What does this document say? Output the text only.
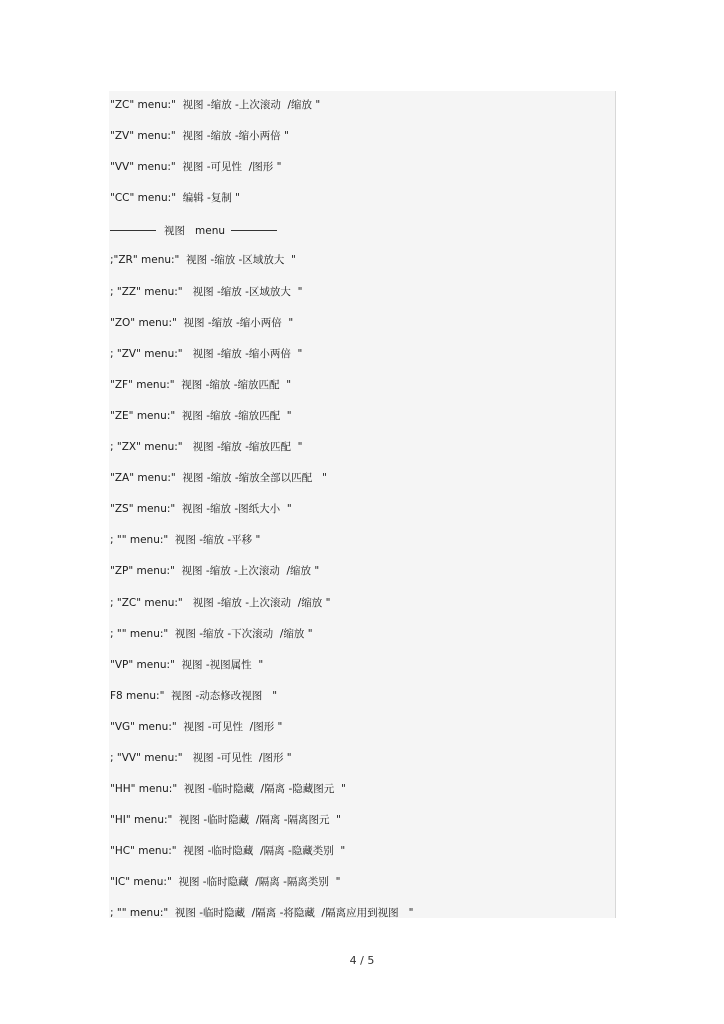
"ZC" menu:"  视图 -缩放 -上次滚动  /缩放 "
"ZV" menu:"  视图 -缩放 -缩小两倍 "
"VV" menu:"  视图 -可见性  /图形 "
"CC" menu:"  编辑 -复制 "
视图   menu
;"ZR" menu:"  视图 -缩放 -区域放大  "
; "ZZ" menu:"   视图 -缩放 -区域放大  "
"ZO" menu:"  视图 -缩放 -缩小两倍  "
; "ZV" menu:"   视图 -缩放 -缩小两倍  "
"ZF" menu:"  视图 -缩放 -缩放匹配  "
"ZE" menu:"  视图 -缩放 -缩放匹配  "
; "ZX" menu:"   视图 -缩放 -缩放匹配  "
"ZA" menu:"  视图 -缩放 -缩放全部以匹配   "
"ZS" menu:"  视图 -缩放 -图纸大小  "
; "" menu:"  视图 -缩放 -平移 "
"ZP" menu:"  视图 -缩放 -上次滚动  /缩放 "
; "ZC" menu:"   视图 -缩放 -上次滚动  /缩放 "
; "" menu:"  视图 -缩放 -下次滚动  /缩放 "
"VP" menu:"  视图 -视图属性  "
F8 menu:"  视图 -动态修改视图   "
"VG" menu:"  视图 -可见性  /图形 "
; "VV" menu:"   视图 -可见性  /图形 "
"HH" menu:"  视图 -临时隐藏  /隔离 -隐藏图元  "
"HI" menu:"  视图 -临时隐藏  /隔离 -隔离图元  "
"HC" menu:"  视图 -临时隐藏  /隔离 -隐藏类别  "
"IC" menu:"  视图 -临时隐藏  /隔离 -隔离类别  "
; "" menu:"  视图 -临时隐藏  /隔离 -将隐藏  /隔离应用到视图   "
4 / 5
